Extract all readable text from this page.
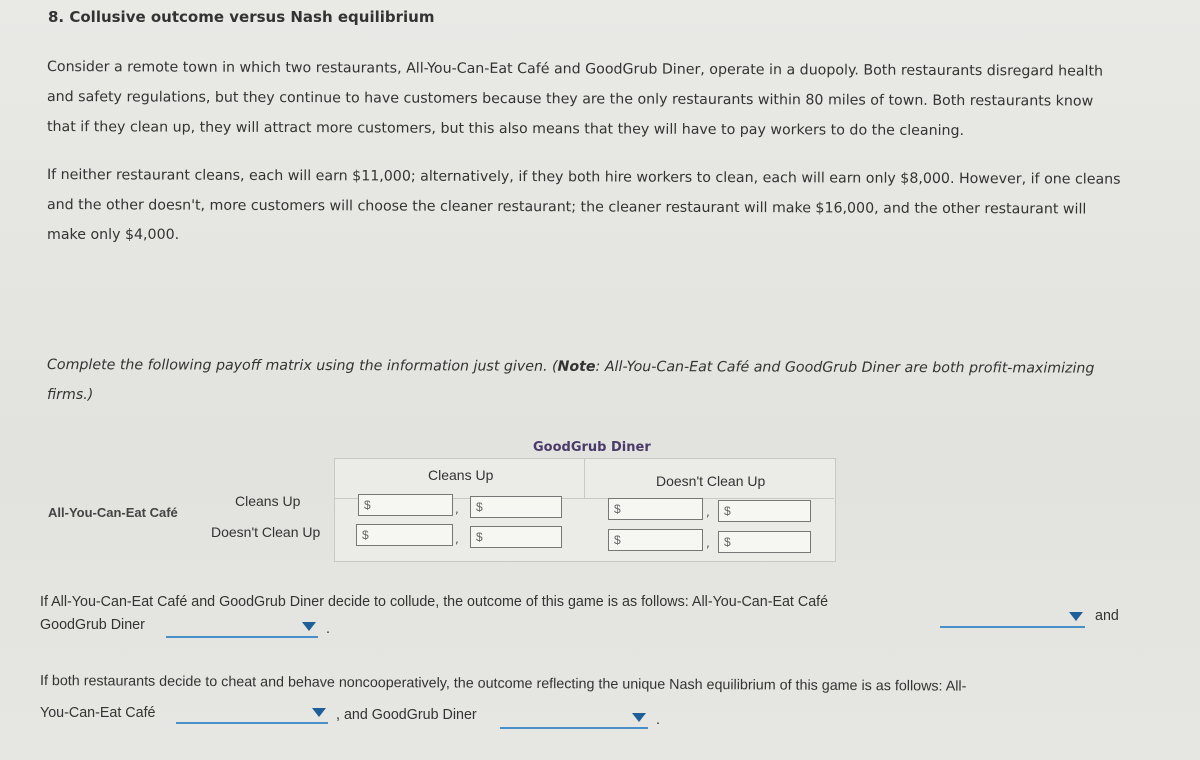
8. Collusive outcome versus Nash equilibrium
Consider a remote town in which two restaurants, All-You-Can-Eat Café and GoodGrub Diner, operate in a duopoly. Both restaurants disregard health
and safety regulations, but they continue to have customers because they are the only restaurants within 80 miles of town. Both restaurants know
that if they clean up, they will attract more customers, but this also means that they will have to pay workers to do the cleaning.
If neither restaurant cleans, each will earn $11,000; alternatively, if they both hire workers to clean, each will earn only $8,000. However, if one cleans
and the other doesn't, more customers will choose the cleaner restaurant; the cleaner restaurant will make $16,000, and the other restaurant will
make only $4,000.
Complete the following payoff matrix using the information just given. (Note: All-You-Can-Eat Café and GoodGrub Diner are both profit-maximizing
firms.)
GoodGrub Diner
Cleans Up	Doesn't Clean Up
All-You-Can-Eat Café
Cleans Up
Doesn't Clean Up
$	,	$	$	,	$
$	,	$	$	,	$
If All-You-Can-Eat Café and GoodGrub Diner decide to collude, the outcome of this game is as follows: All-You-Can-Eat Café
and
GoodGrub Diner	.
If both restaurants decide to cheat and behave noncooperatively, the outcome reflecting the unique Nash equilibrium of this game is as follows: All-
You-Can-Eat Café	, and GoodGrub Diner	.
